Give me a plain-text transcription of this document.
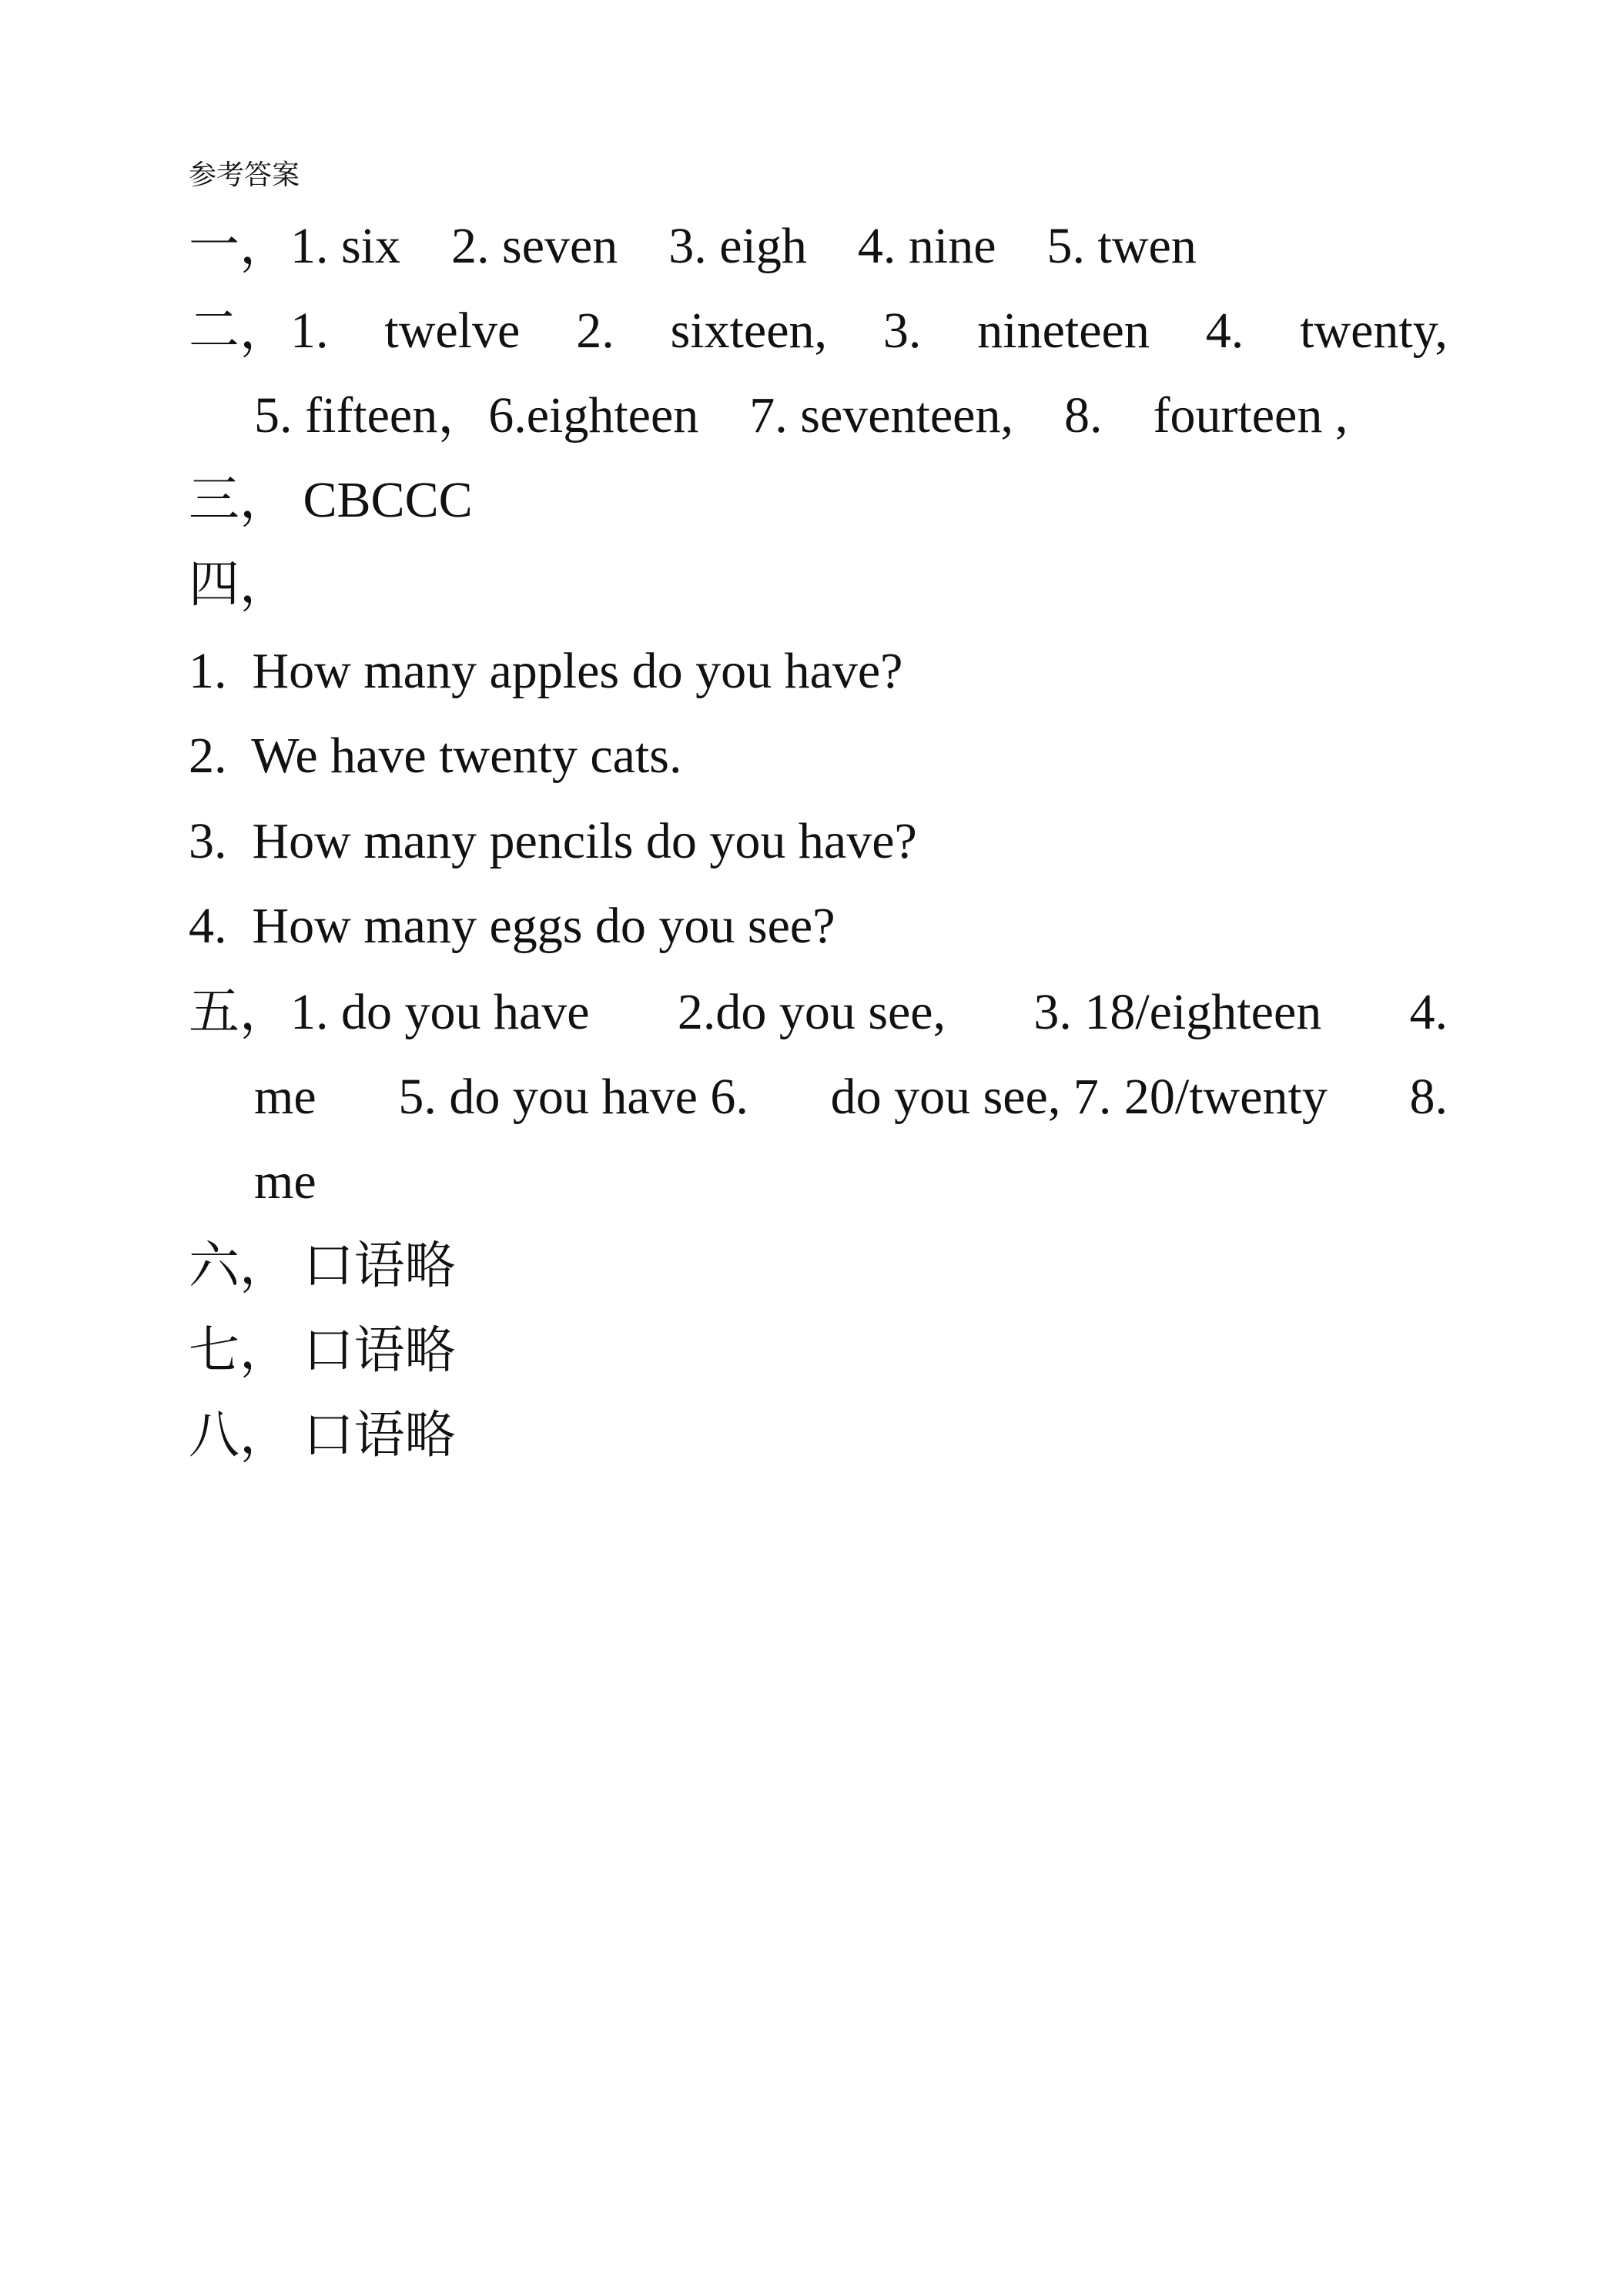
参考答案
一，1. six    2. seven    3. eigh    4. nine    5. twen
二，1. twelve 2. sixteen, 3. nineteen 4. twenty,
5. fifteen，6.eighteen    7. seventeen,    8.    fourteen ,
三， CBCCC
四，
1.  How many apples do you have?
2.  We have twenty cats.
3.  How many pencils do you have?
4.  How many eggs do you see?
五，1. do you have 2.do you see, 3. 18/eighteen 4.
me 5. do you have 6. do you see, 7. 20/twenty 8.
me
六， 口语略
七， 口语略
八， 口语略
